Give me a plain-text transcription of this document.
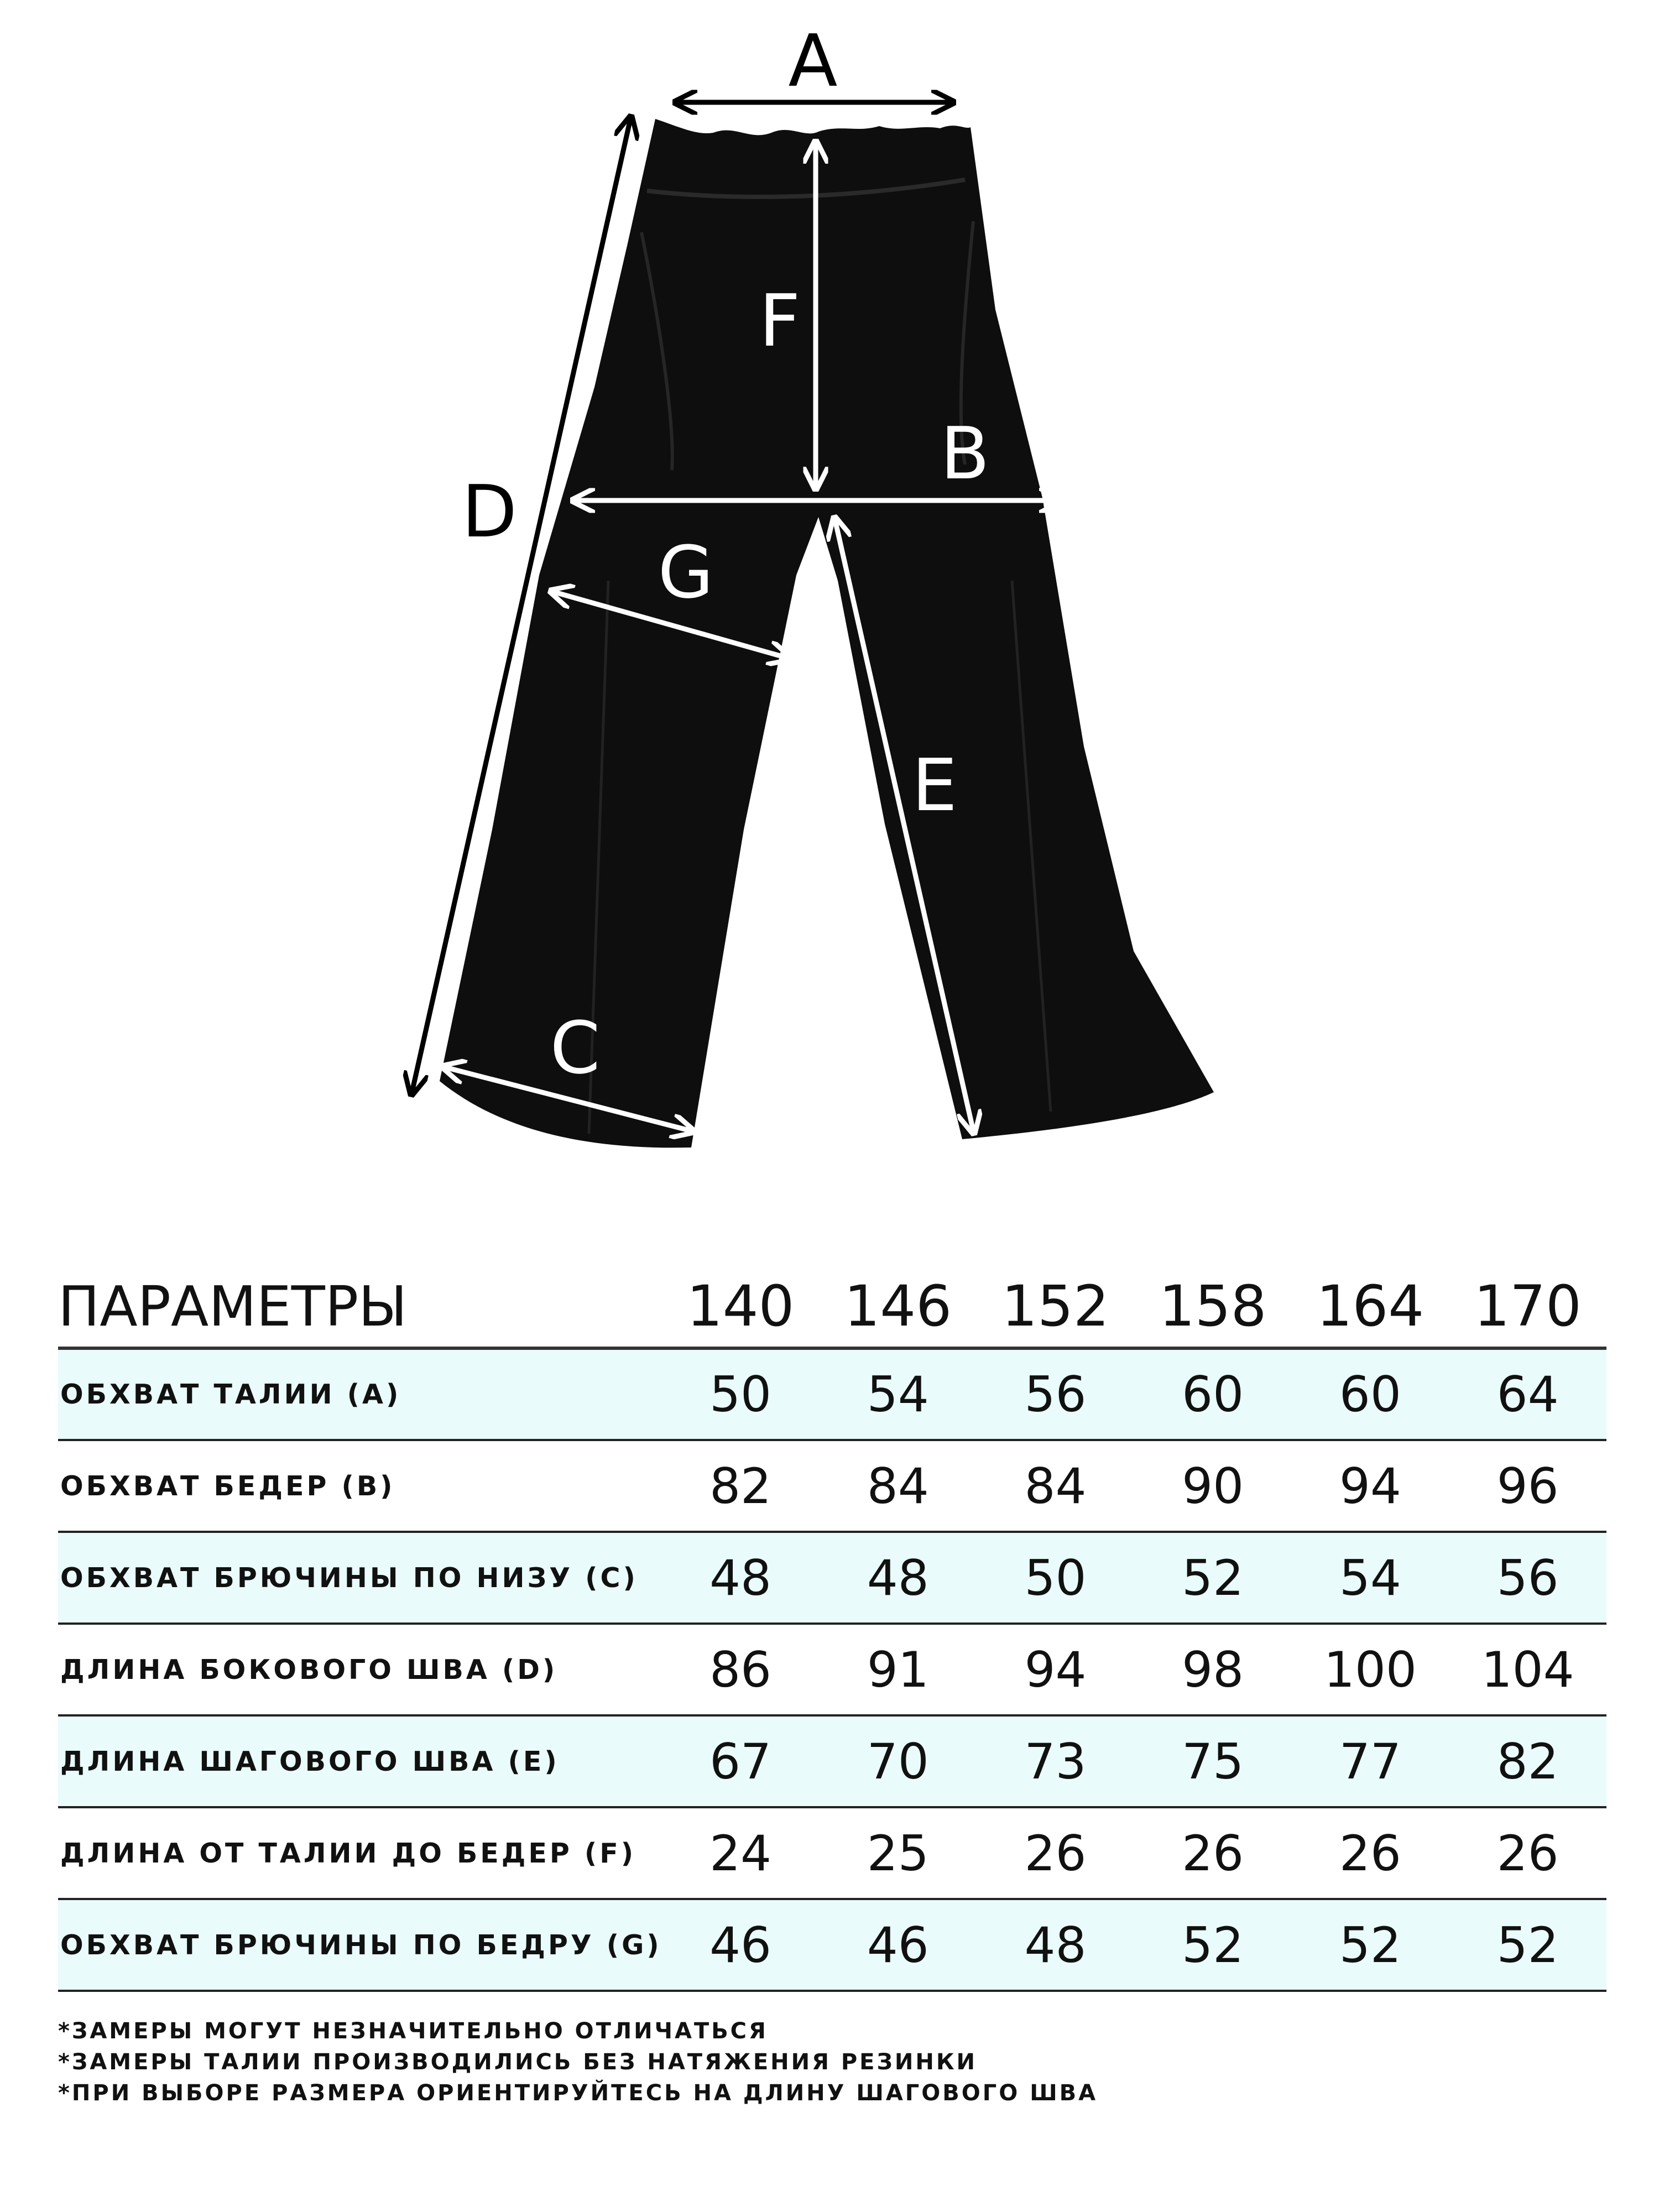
A
D
F
B
G
E
C
ПАРАМЕТРЫ	140	146	152	158	164	170
ОБХВАТ ТАЛИИ (А)	50	54	56	60	60	64
ОБХВАТ БЕДЕР (В)	82	84	84	90	94	96
ОБХВАТ БРЮЧИНЫ ПО НИЗУ (С)	48	48	50	52	54	56
ДЛИНА БОКОВОГО ШВА (D)	86	91	94	98	100	104
ДЛИНА ШАГОВОГО ШВА (Е)	67	70	73	75	77	82
ДЛИНА ОТ ТАЛИИ ДО БЕДЕР (F)	24	25	26	26	26	26
ОБХВАТ БРЮЧИНЫ ПО БЕДРУ (G)	46	46	48	52	52	52
*ЗАМЕРЫ МОГУТ НЕЗНАЧИТЕЛЬНО ОТЛИЧАТЬСЯ
*ЗАМЕРЫ ТАЛИИ ПРОИЗВОДИЛИСЬ БЕЗ НАТЯЖЕНИЯ РЕЗИНКИ
*ПРИ ВЫБОРЕ РАЗМЕРА ОРИЕНТИРУЙТЕСЬ НА ДЛИНУ ШАГОВОГО ШВА
